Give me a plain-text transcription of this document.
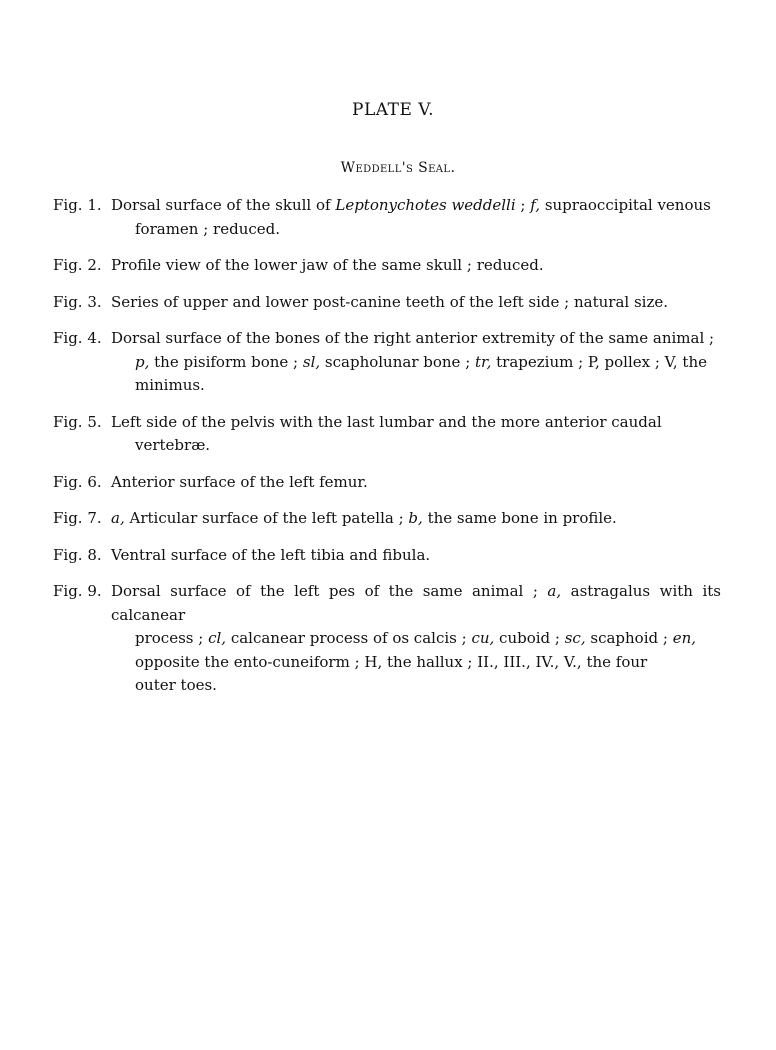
PLATE V.
Weddell's Seal.
Fig. 1. Dorsal surface of the skull of Leptonychotes weddelli ; f, supraoccipital venous
foramen ; reduced.
Fig. 2. Profile view of the lower jaw of the same skull ; reduced.
Fig. 3. Series of upper and lower post-canine teeth of the left side ; natural size.
Fig. 4. Dorsal surface of the bones of the right anterior extremity of the same animal ;
p, the pisiform bone ; sl, scapholunar bone ; tr, trapezium ; P, pollex ; V, the
minimus.
Fig. 5. Left side of the pelvis with the last lumbar and the more anterior caudal
vertebræ.
Fig. 6. Anterior surface of the left femur.
Fig. 7. a, Articular surface of the left patella ; b, the same bone in profile.
Fig. 8. Ventral surface of the left tibia and fibula.
Fig. 9. Dorsal surface of the left pes of the same animal ; a, astragalus with its calcanear
process ; cl, calcanear process of os calcis ; cu, cuboid ; sc, scaphoid ; en,
opposite the ento-cuneiform ; H, the hallux ; II., III., IV., V., the four
outer toes.
